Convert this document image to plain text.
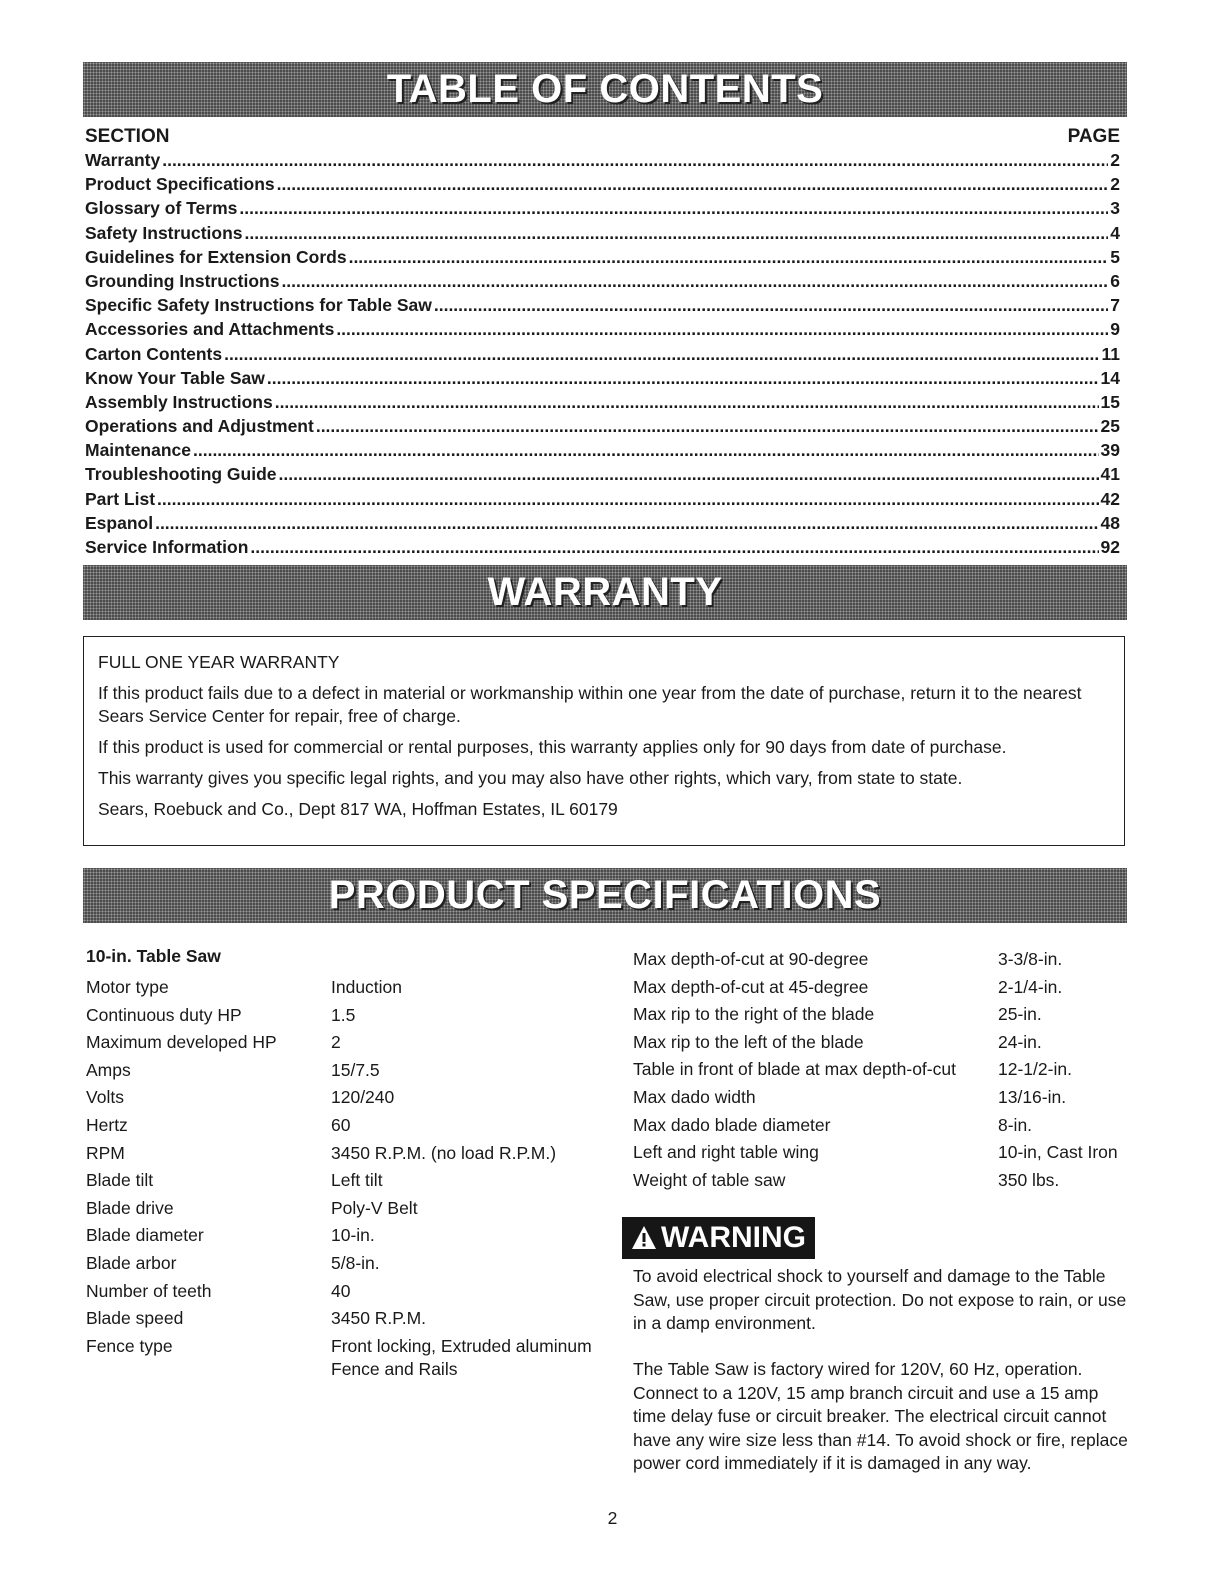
TABLE OF CONTENTS
SECTION	PAGE
Warranty .....	2
Product Specifications .....	2
Glossary of Terms .....	3
Safety Instructions .....	4
Guidelines for Extension Cords .....	5
Grounding Instructions .....	6
Specific Safety Instructions for Table Saw .....	7
Accessories and Attachments .....	9
Carton Contents .....	11
Know Your Table Saw .....	14
Assembly Instructions .....	15
Operations and Adjustment .....	25
Maintenance .....	39
Troubleshooting Guide .....	41
Part List .....	42
Espanol .....	48
Service Information .....	92
WARRANTY

FULL ONE YEAR WARRANTY

If this product fails due to a defect in material or workmanship within one year from the date of purchase, return it to the nearest Sears Service Center for repair, free of charge.

If this product is used for commercial or rental purposes, this warranty applies only for 90 days from date of purchase.

This warranty gives you specific legal rights, and you may also have other rights, which vary, from state to state.

Sears, Roebuck and Co., Dept 817 WA, Hoffman Estates, IL 60179

PRODUCT SPECIFICATIONS
10-in. Table Saw
Motor type	Induction
Continuous duty HP	1.5
Maximum developed HP	2
Amps	15/7.5
Volts	120/240
Hertz	60
RPM	3450 R.P.M. (no load R.P.M.)
Blade tilt	Left tilt
Blade drive	Poly-V Belt
Blade diameter	10-in.
Blade arbor	5/8-in.
Number of teeth	40
Blade speed	3450 R.P.M.
Fence type	Front locking, Extruded aluminum Fence and Rails
Max depth-of-cut at 90-degree	3-3/8-in.
Max depth-of-cut at 45-degree	2-1/4-in.
Max rip to the right of the blade	25-in.
Max rip to the left of the blade	24-in.
Table in front of blade at max depth-of-cut	12-1/2-in.
Max dado width	13/16-in.
Max dado blade diameter	8-in.
Left and right table wing	10-in, Cast Iron
Weight of table saw	350 lbs.
WARNING
To avoid electrical shock to yourself and damage to the Table Saw, use proper circuit protection. Do not expose to rain, or use in a damp environment.
The Table Saw is factory wired for 120V, 60 Hz, operation. Connect to a 120V, 15 amp branch circuit and use a 15 amp time delay fuse or circuit breaker. The electrical circuit cannot have any wire size less than #14. To avoid shock or fire, replace power cord immediately if it is damaged in any way.
2
